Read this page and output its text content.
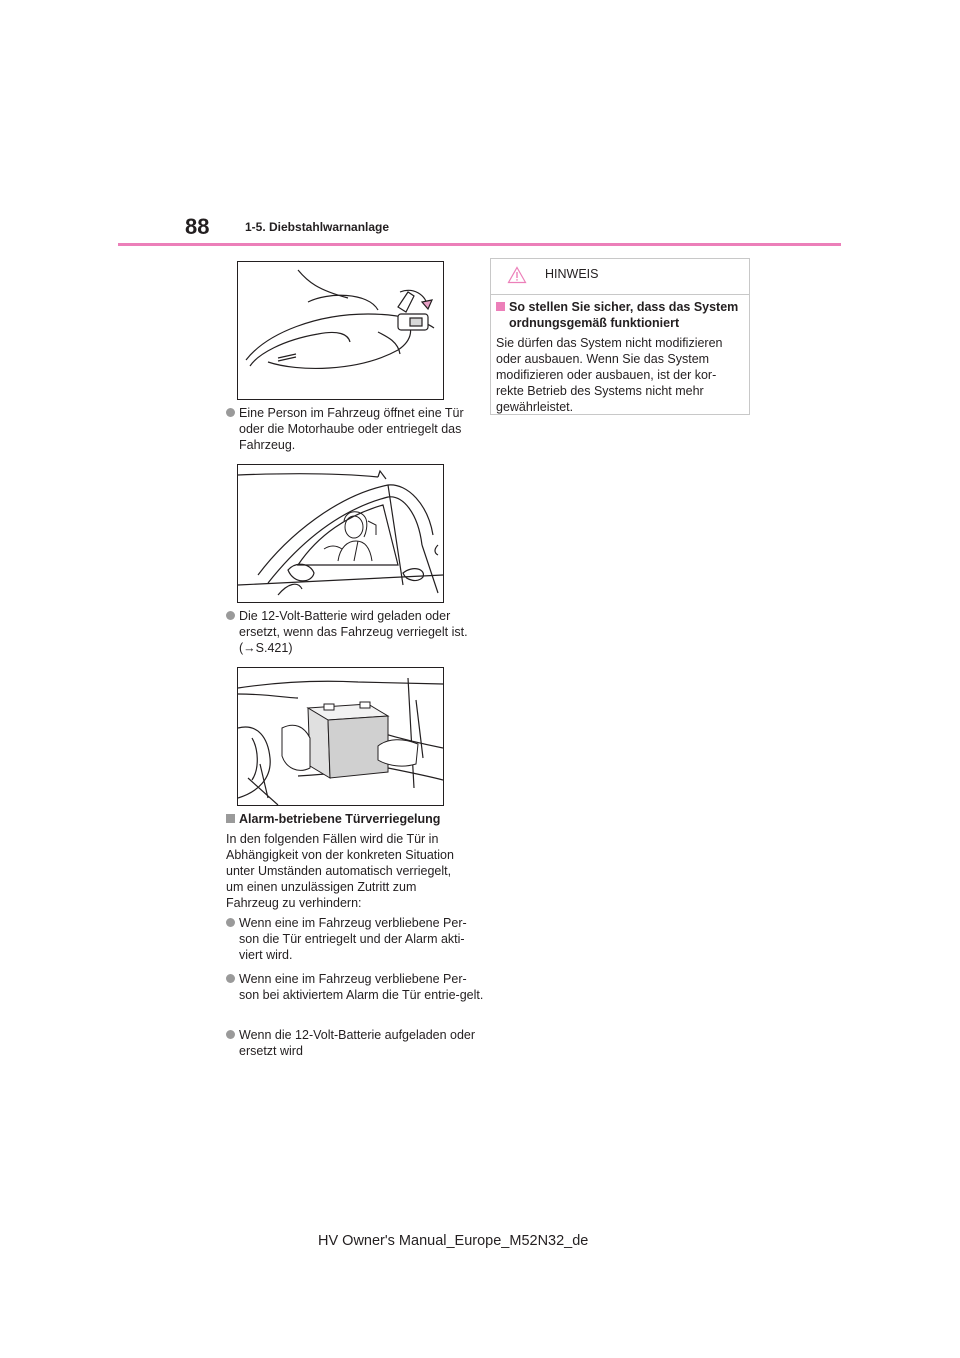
88	1-5. Diebstahlwarnanlage
Eine Person im Fahrzeug öffnet eine Tür oder die Motorhaube oder entriegelt das Fahrzeug.
Die 12-Volt-Batterie wird geladen oder ersetzt, wenn das Fahrzeug verriegelt ist. (→S.421)
Alarm-betriebene Türverriegelung
In den folgenden Fällen wird die Tür in Abhängigkeit von der konkreten Situation unter Umständen automatisch verriegelt, um einen unzulässigen Zutritt zum Fahrzeug zu verhindern:
Wenn eine im Fahrzeug verbliebene Per-son die Tür entriegelt und der Alarm akti-viert wird.
Wenn eine im Fahrzeug verbliebene Per-son bei aktiviertem Alarm die Tür entrie-gelt.
Wenn die 12-Volt-Batterie aufgeladen oder ersetzt wird
HINWEIS
So stellen Sie sicher, dass das System ordnungsgemäß funktioniert
Sie dürfen das System nicht modifizieren oder ausbauen. Wenn Sie das System modifizieren oder ausbauen, ist der kor-rekte Betrieb des Systems nicht mehr gewährleistet.
HV Owner's Manual_Europe_M52N32_de
